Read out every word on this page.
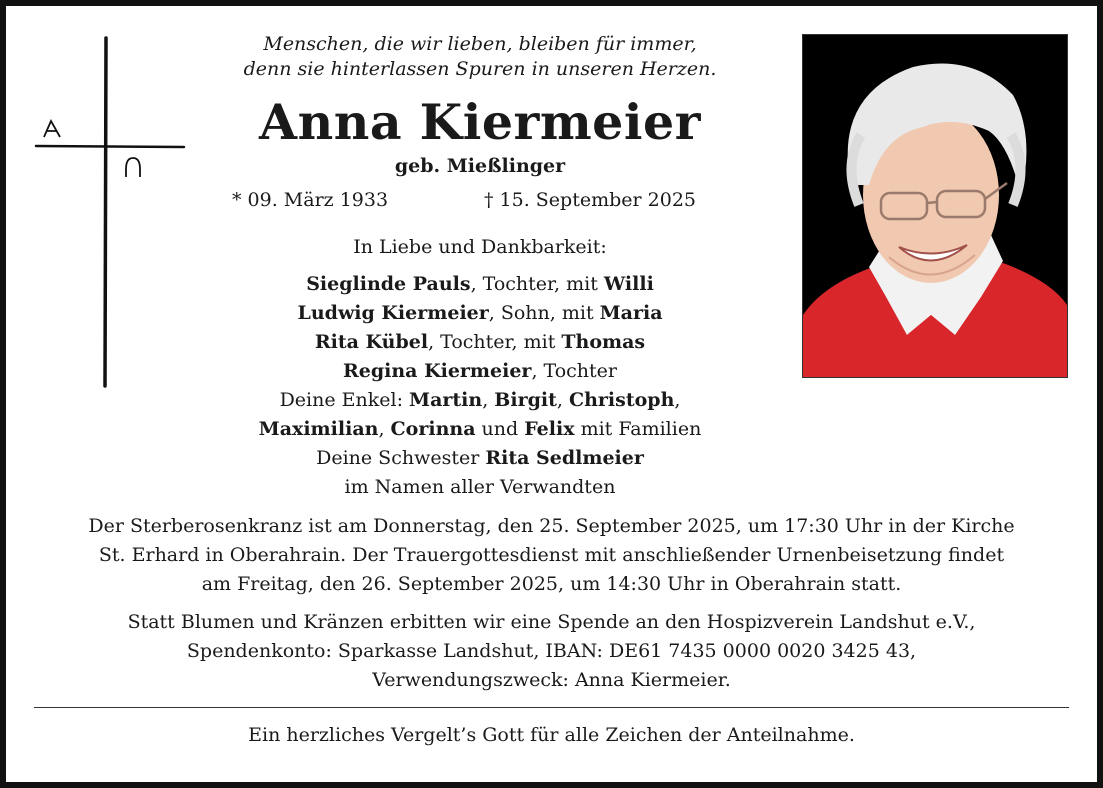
Menschen, die wir lieben, bleiben für immer,
denn sie hinterlassen Spuren in unseren Herzen.
Anna Kiermeier
geb. Mießlinger
* 09. März 1933	† 15. September 2025
In Liebe und Dankbarkeit:
Sieglinde Pauls, Tochter, mit Willi
Ludwig Kiermeier, Sohn, mit Maria
Rita Kübel, Tochter, mit Thomas
Regina Kiermeier, Tochter
Deine Enkel: Martin, Birgit, Christoph,
Maximilian, Corinna und Felix mit Familien
Deine Schwester Rita Sedlmeier
im Namen aller Verwandten
Der Sterberosenkranz ist am Donnerstag, den 25. September 2025, um 17:30 Uhr in der Kirche
St. Erhard in Oberahrain. Der Trauergottesdienst mit anschließender Urnenbeisetzung findet
am Freitag, den 26. September 2025, um 14:30 Uhr in Oberahrain statt.
Statt Blumen und Kränzen erbitten wir eine Spende an den Hospizverein Landshut e.V.,
Spendenkonto: Sparkasse Landshut, IBAN: DE61 7435 0000 0020 3425 43,
Verwendungszweck: Anna Kiermeier.
Ein herzliches Vergelt’s Gott für alle Zeichen der Anteilnahme.
